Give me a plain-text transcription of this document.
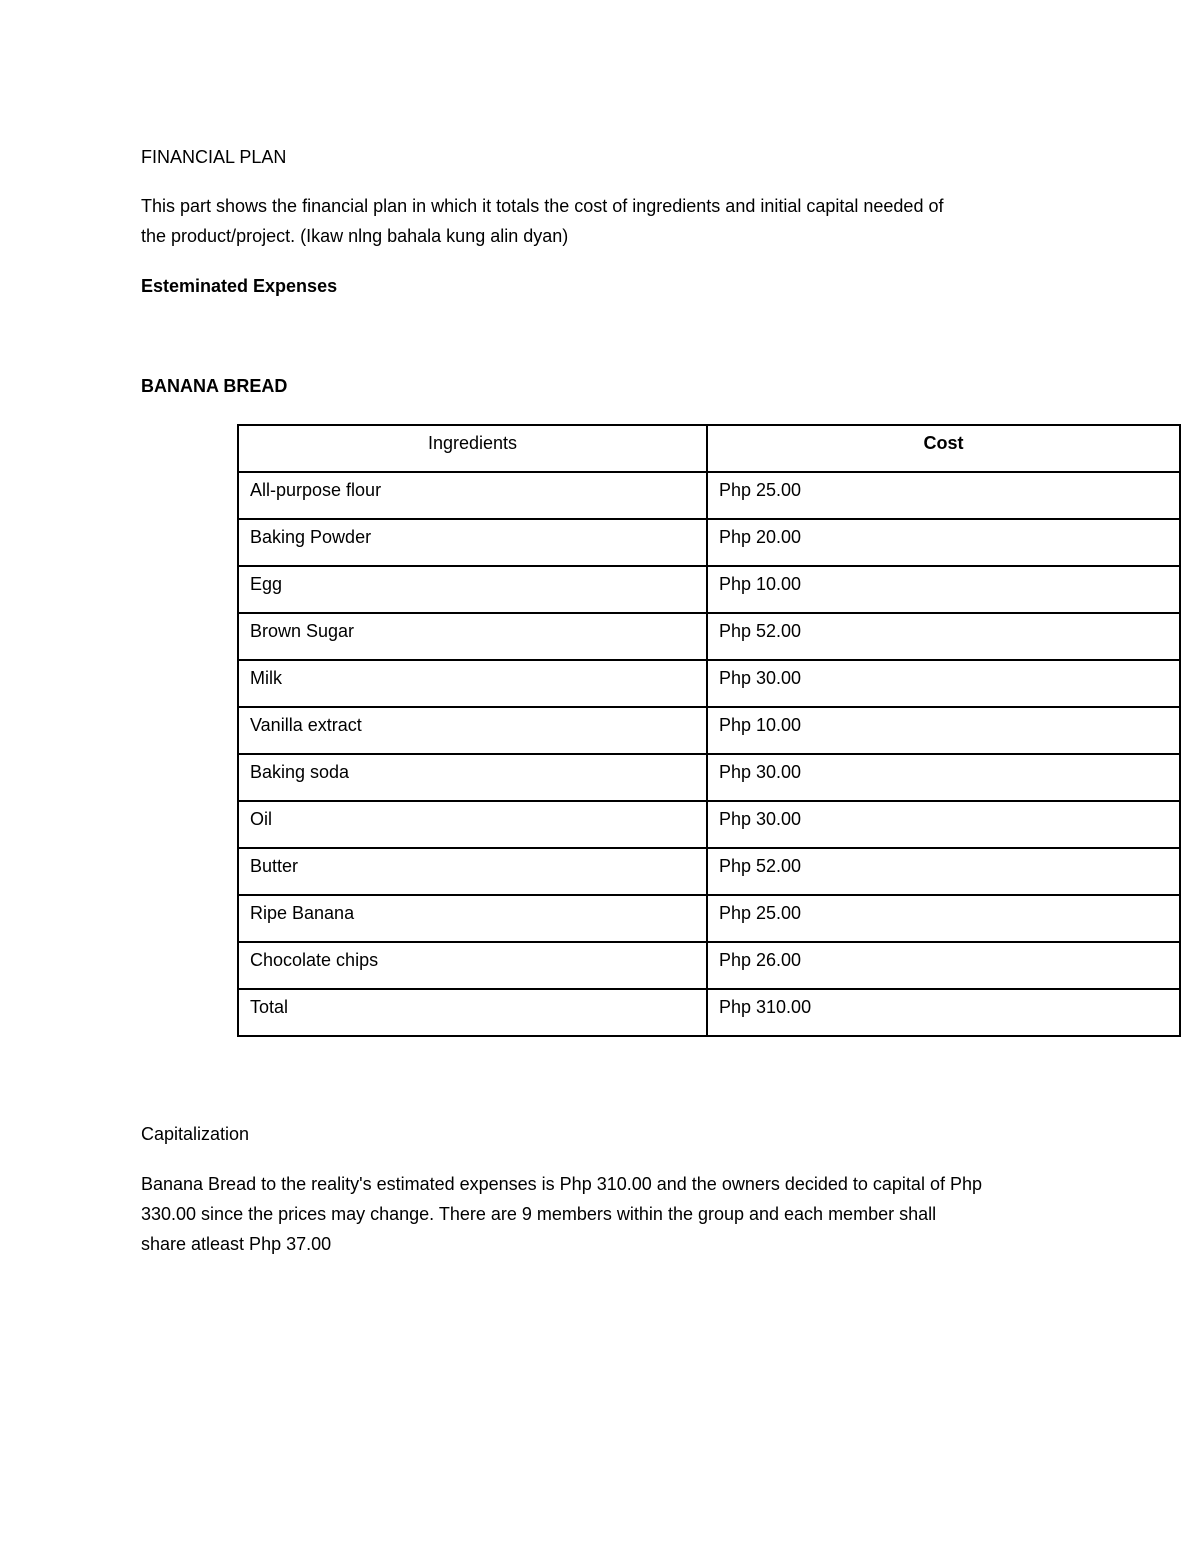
FINANCIAL PLAN
This part shows the financial plan in which it totals the cost of ingredients and initial capital needed of
the product/project. (Ikaw nlng bahala kung alin dyan)
Esteminated Expenses
BANANA BREAD
Ingredients	Cost
All-purpose flour	Php 25.00
Baking Powder	Php 20.00
Egg	Php 10.00
Brown Sugar	Php 52.00
Milk	Php 30.00
Vanilla extract	Php 10.00
Baking soda	Php 30.00
Oil	Php 30.00
Butter	Php 52.00
Ripe Banana	Php 25.00
Chocolate chips	Php 26.00
Total	Php 310.00
Capitalization
Banana Bread to the reality's estimated expenses is Php 310.00 and the owners decided to capital of Php
330.00 since the prices may change. There are 9 members within the group and each member shall
share atleast Php 37.00
